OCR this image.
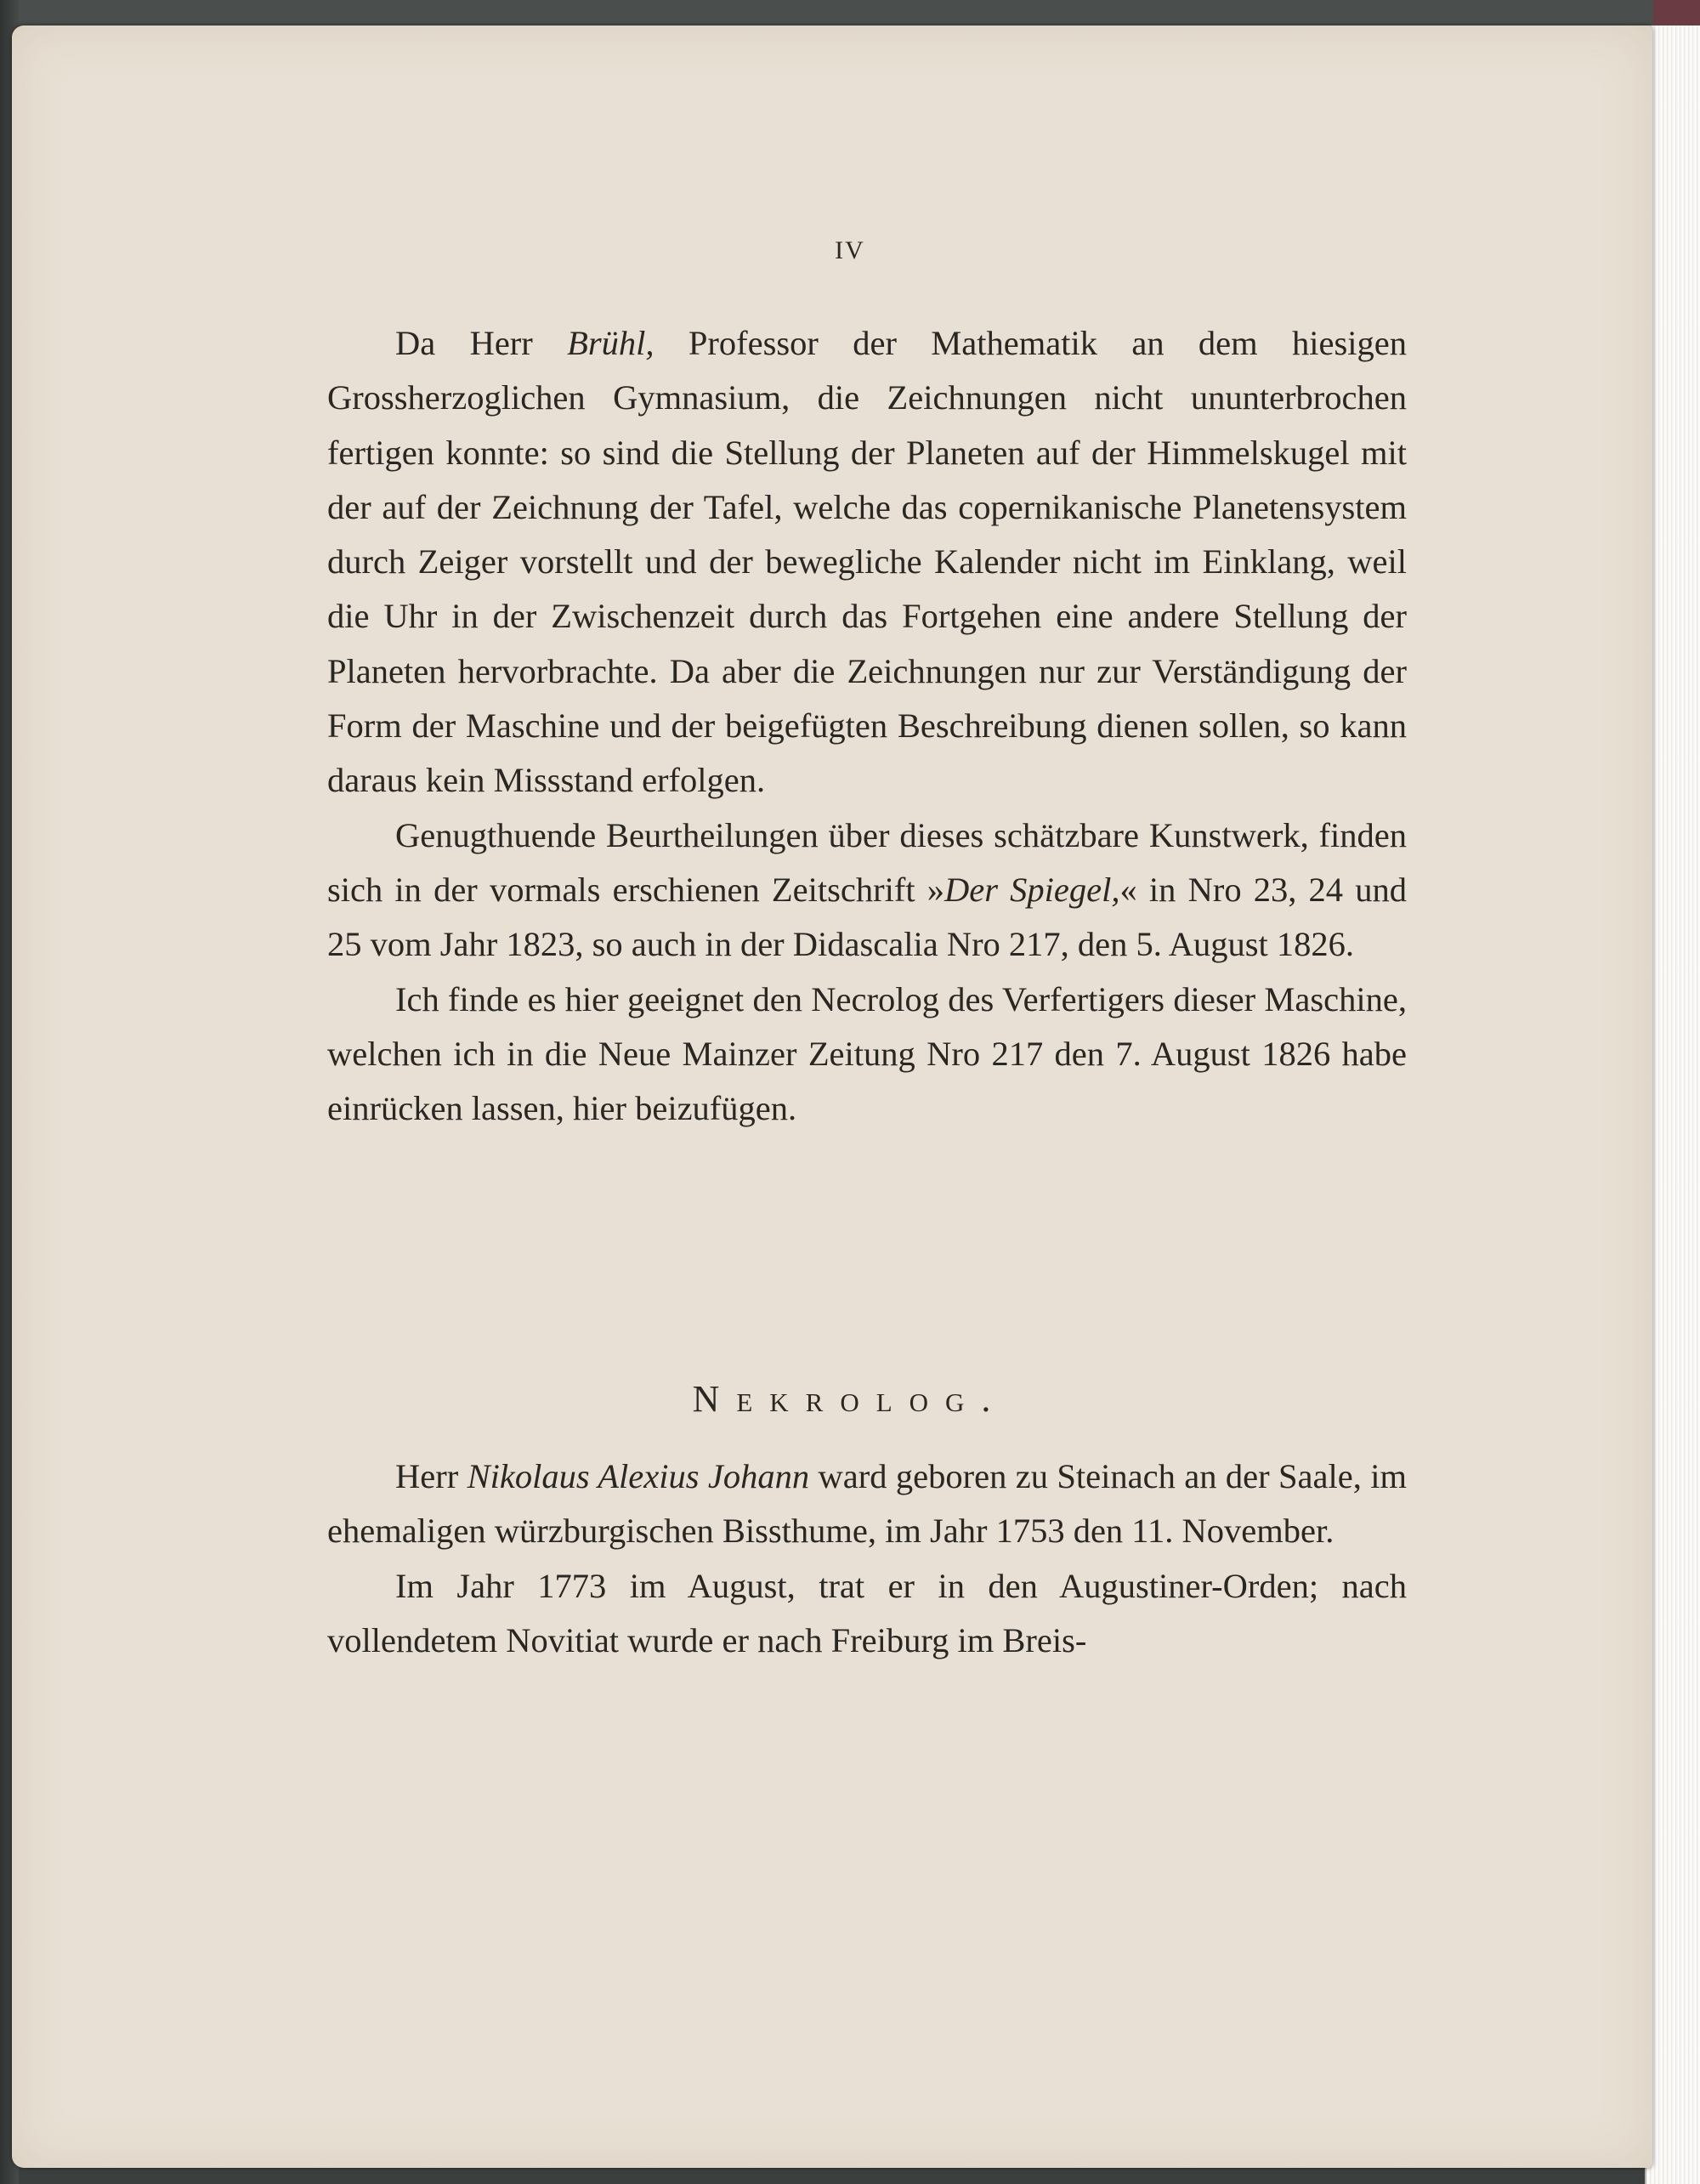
IV

Da Herr Brühl, Professor der Mathematik an dem hiesigen Grossherzoglichen Gymnasium, die Zeichnungen nicht ununterbrochen fertigen konnte: so sind die Stellung der Planeten auf der Himmelskugel mit der auf der Zeichnung der Tafel, welche das copernikanische Planetensystem durch Zeiger vorstellt und der bewegliche Kalender nicht im Einklang, weil die Uhr in der Zwischenzeit durch das Fortgehen eine andere Stellung der Planeten hervorbrachte. Da aber die Zeichnungen nur zur Verständigung der Form der Maschine und der beigefügten Beschreibung dienen sollen, so kann daraus kein Missstand erfolgen.

Genugthuende Beurtheilungen über dieses schätzbare Kunstwerk, finden sich in der vormals erschienen Zeitschrift »Der Spiegel,« in Nro 23, 24 und 25 vom Jahr 1823, so auch in der Didascalia Nro 217, den 5. August 1826.

Ich finde es hier geeignet den Necrolog des Verfertigers dieser Maschine, welchen ich in die Neue Mainzer Zeitung Nro 217 den 7. August 1826 habe einrücken lassen, hier beizufügen.

Nekrolog.

Herr Nikolaus Alexius Johann ward geboren zu Steinach an der Saale, im ehemaligen würzburgischen Bissthume, im Jahr 1753 den 11. November.

Im Jahr 1773 im August, trat er in den Augustiner-Orden; nach vollendetem Novitiat wurde er nach Freiburg im Breis-
